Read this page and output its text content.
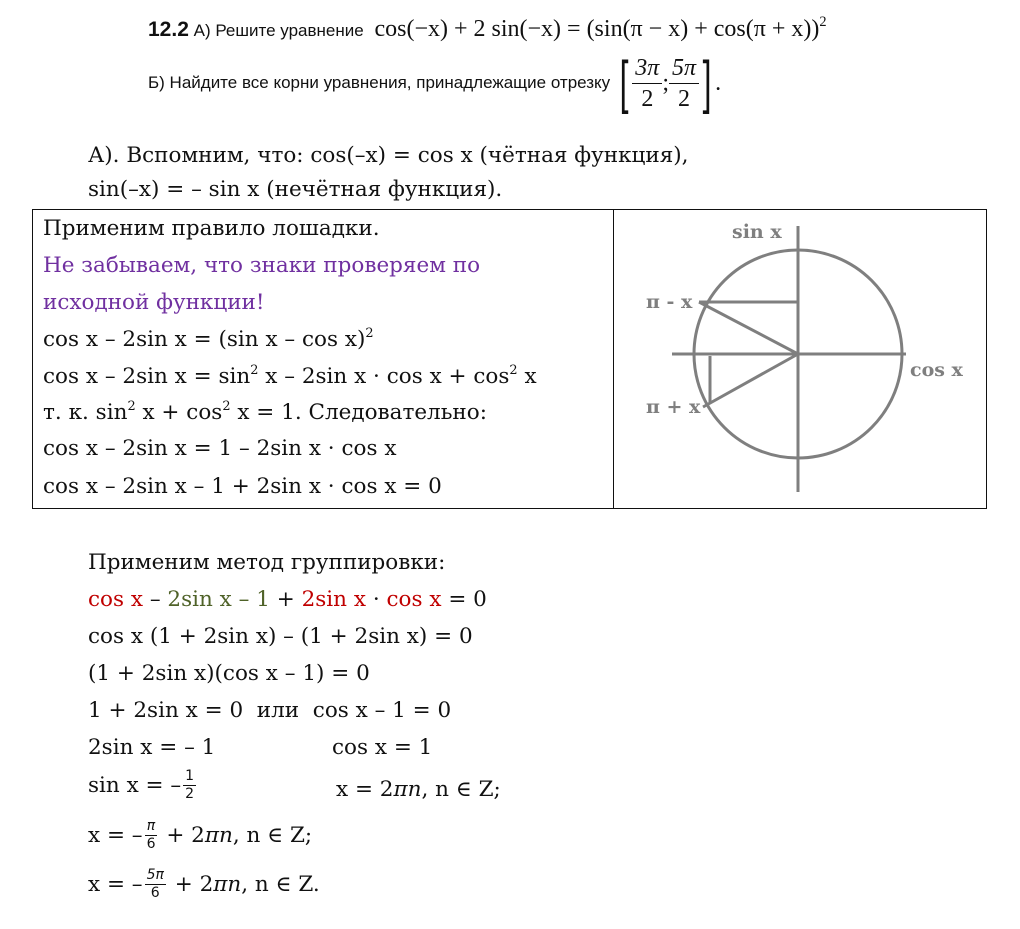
12.2 А) Решите уравнение cos(−x) + 2 $\sin(-x) = (\sin(\pi - x) + \cos(\pi + x))^2$
Б) Найдите все корни уравнения, принадлежащие отрезку [ $\frac{3\pi}{2}$ ; $\frac{5\pi}{2}$ ] .
А). Вспомним, что: cos(–x) = cos x (чётная функция),
sin(–x) = – sin x (нечётная функция).
Применим правило лошадки.
Не забываем, что знаки проверяем по
исходной функции!
cos x – 2sin x = (sin x – cos x)$^2$
cos x – 2sin $x = \sin^2 x - 2\sin$ $x \cdot \cos x + \cos^2 x$
т. к. $\sin^2 x + \cos^2 x = 1$. Следовательно:
cos x – 2sin x = 1 – 2sin x · cos x
cos x – 2sin x – 1 + 2sin x · cos x = 0
sin x
cos x
п - x
п + x
Применим метод группировки:
cos x – 2sin x – 1 + 2sin x · cos x = 0
cos x (1 + 2sin x) – (1 + 2sin x) = 0
(1 + 2sin x)(cos x – 1) = 0
1 + 2sin x = 0  или  cos x – 1 = 0
2sin x = – 1	cos x = 1
sin x = – $\frac{1}{2}$	x = 2πn, n ∈ Z;
x = – $\frac{\pi}{6} + 2$ πn , n ∈ Z;
x = – $\frac{5\pi}{6} + 2$ πn , n ∈ Z.
